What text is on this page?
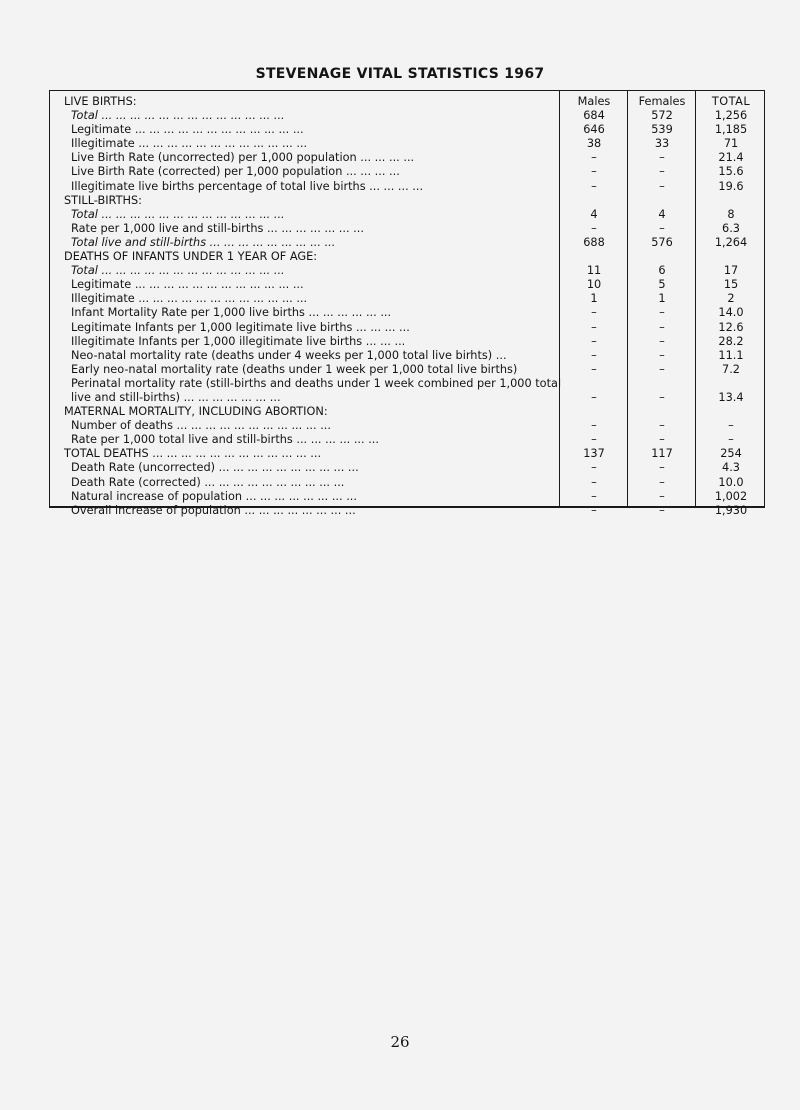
STEVENAGE VITAL STATISTICS 1967
LIVE BIRTHS:	Males	Females	TOTAL
Total ... ... ... ... ... ... ... ... ... ... ... ... ...	684	572	1,256
Legitimate ... ... ... ... ... ... ... ... ... ... ... ...	646	539	1,185
Illegitimate ... ... ... ... ... ... ... ... ... ... ... ...	38	33	71
Live Birth Rate (uncorrected) per 1,000 population ... ... ... ...	–	–	21.4
Live Birth Rate (corrected) per 1,000 population ... ... ... ...	–	–	15.6
Illegitimate live births percentage of total live births ... ... ... ...	–	–	19.6
STILL-BIRTHS:
Total ... ... ... ... ... ... ... ... ... ... ... ... ...	4	4	8
Rate per 1,000 live and still-births ... ... ... ... ... ... ...	–	–	6.3
Total live and still-births ... ... ... ... ... ... ... ... ...	688	576	1,264
DEATHS OF INFANTS UNDER 1 YEAR OF AGE:
Total ... ... ... ... ... ... ... ... ... ... ... ... ...	11	6	17
Legitimate ... ... ... ... ... ... ... ... ... ... ... ...	10	5	15
Illegitimate ... ... ... ... ... ... ... ... ... ... ... ...	1	1	2
Infant Mortality Rate per 1,000 live births ... ... ... ... ... ...	–	–	14.0
Legitimate Infants per 1,000 legitimate live births ... ... ... ...	–	–	12.6
Illegitimate Infants per 1,000 illegitimate live births ... ... ...	–	–	28.2
Neo-natal mortality rate (deaths under 4 weeks per 1,000 total live birhts) ...	–	–	11.1
Early neo-natal mortality rate (deaths under 1 week per 1,000 total live births)	–	–	7.2
Perinatal mortality rate (still-births and deaths under 1 week combined per 1,000 total live and still-births) ... ... ... ... ... ... ...	–	–	13.4
MATERNAL MORTALITY, INCLUDING ABORTION:
Number of deaths ... ... ... ... ... ... ... ... ... ... ...	–	–	–
Rate per 1,000 total live and still-births ... ... ... ... ... ...	–	–	–
TOTAL DEATHS ... ... ... ... ... ... ... ... ... ... ... ...	137	117	254
Death Rate (uncorrected) ... ... ... ... ... ... ... ... ... ...	–	–	4.3
Death Rate (corrected) ... ... ... ... ... ... ... ... ... ...	–	–	10.0
Natural increase of population ... ... ... ... ... ... ... ...	–	–	1,002
Overall increase of population ... ... ... ... ... ... ... ...	–	–	1,930
26
